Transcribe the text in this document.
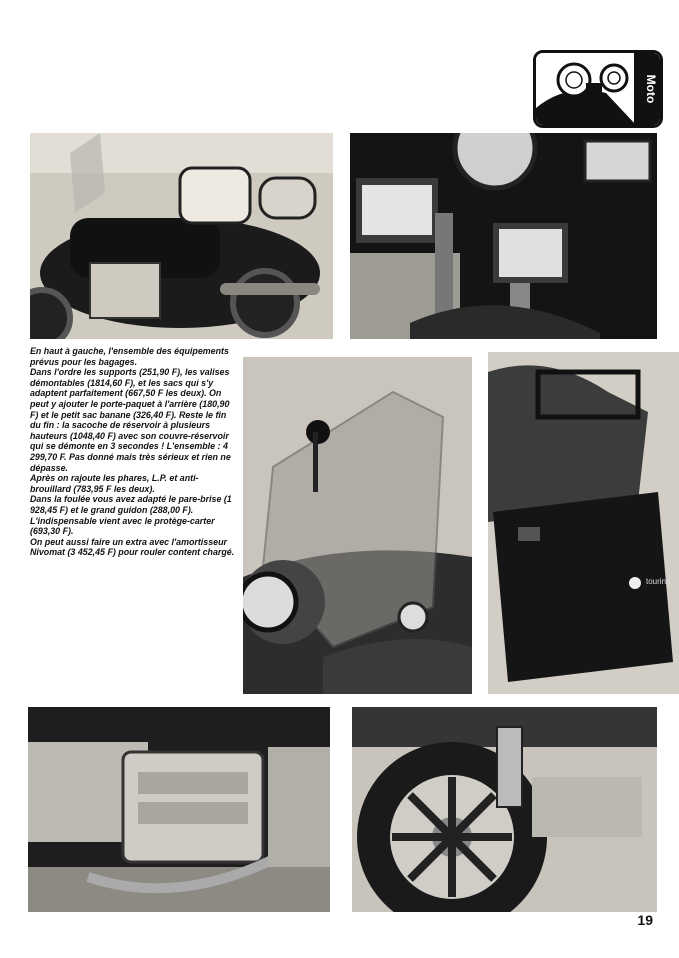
Moto

En haut à gauche, l'ensemble des équipements prévus pour les bagages.

Dans l'ordre les supports (251,90 F), les valises démontables (1814,60 F), et les sacs qui s'y adaptent parfaitement (667,50 F les deux). On peut y ajouter le porte-paquet à l'arrière (180,90 F) et le petit sac banane (326,40 F). Reste le fin du fin : la sacoche de réservoir à plusieurs hauteurs (1048,40 F) avec son couvre-réservoir qui se démonte en 3 secondes ! L'ensemble : 4 299,70 F. Pas donné mais très sérieux et rien ne dépasse.

Après on rajoute les phares, L.P. et anti-brouillard (783,95 F les deux).

Dans la foulée vous avez adapté le pare-brise (1 928,45 F) et le grand guidon (288,00 F).

L'indispensable vient avec le protège-carter (693,30 F).

On peut aussi faire un extra avec l'amortisseur Nivomat (3 452,45 F) pour rouler content chargé.

touring
19
